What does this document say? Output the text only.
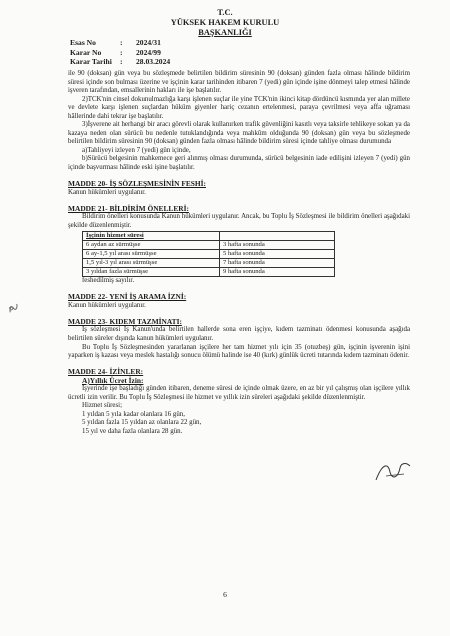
T.C.
YÜKSEK HAKEM KURULU
BAŞKANLIĞI
Esas No	:	2024/31
Karar No	:	2024/99
Karar Tarihi	:	28.03.2024

ile 90 (doksan) gün veya bu sözleşmede belirtilen bildirim süresinin 90 (doksan) günden fazla olması hâlinde bildirim süresi içinde son bulması üzerine ve işçinin karar tarihinden itibaren 7 (yedi) gün içinde işine dönmeyi talep etmesi hâlinde işveren tarafından, emsallerinin hakları ile işe başlatılır.

2)TCK'nin cinsel dokunulmazlığa karşı işlenen suçlar ile yine TCK'nin ikinci kitap dördüncü kısmında yer alan millete ve devlete karşı işlenen suçlardan hüküm giyenler hariç cezanın ertelenmesi, paraya çevrilmesi veya affa uğraması hâllerinde dahi tekrar işe başlatılır.

3)İşverene ait herhangi bir aracı görevli olarak kullanırken trafik güvenliğini kasıtlı veya taksirle tehlikeye sokan ya da kazaya neden olan sürücü bu nedenle tutuklandığında veya mahkûm olduğunda 90 (doksan) gün veya bu sözleşmede belirtilen bildirim süresinin 90 (doksan) günden fazla olması hâlinde bildirim süresi içinde tahliye olması durumunda

a)Tahliyeyi izleyen 7 (yedi) gün içinde,

b)Sürücü belgesinin mahkemece geri alınmış olması durumunda, sürücü belgesinin iade edilişini izleyen 7 (yedi) gün içinde başvurması hâlinde eski işine başlatılır.

MADDE 20- İŞ SÖZLEŞMESİNİN FESHİ:

Kanun hükümleri uygulanır.

MADDE 21- BİLDİRİM ÖNELLERİ:

Bildirim önelleri konusunda Kanun hükümleri uygulanır. Ancak, bu Toplu İş Sözleşmesi ile bildirim önelleri aşağıdaki şekilde düzenlenmiştir.

İşçinin hizmet süresi	
6 aydan az sürmüşse	3 hafta sonunda
6 ay-1,5 yıl arası sürmüşse	5 hafta sonunda
1,5 yıl-3 yıl arası sürmüşse	7 hafta sonunda
3 yıldan fazla sürmüşse	9 hafta sonunda

feshedilmiş sayılır.

MADDE 22- YENİ İŞ ARAMA İZNİ:

Kanun hükümleri uygulanır.

MADDE 23- KIDEM TAZMİNATI:

İş sözleşmesi İş Kanun'unda belirtilen hallerde sona eren işçiye, kıdem tazminatı ödenmesi konusunda aşağıda belirtilen süreler dışında kanun hükümleri uygulanır.

Bu Toplu İş Sözleşmesinden yararlanan işçilere her tam hizmet yılı için 35 (otuzbeş) gün, işçinin işverenin işini yaparken iş kazası veya meslek hastalığı sonucu ölümü halinde ise 40 (kırk) günlük ücreti tutarında kıdem tazminatı ödenir.

MADDE 24- İZİNLER:

A)Yıllık Ücret İzin:

İşyerinde işe başladığı günden itibaren, deneme süresi de içinde olmak üzere, en az bir yıl çalışmış olan işçilere yıllık ücretli izin verilir. Bu Toplu İş Sözleşmesi ile hizmet ve yıllık izin süreleri aşağıdaki şekilde düzenlenmiştir.

Hizmet süresi;

1 yıldan 5 yıla kadar olanlara 16 gün,

5 yıldan fazla 15 yıldan az olanlara 22 gün,

15 yıl ve daha fazla olanlara 28 gün.

6
